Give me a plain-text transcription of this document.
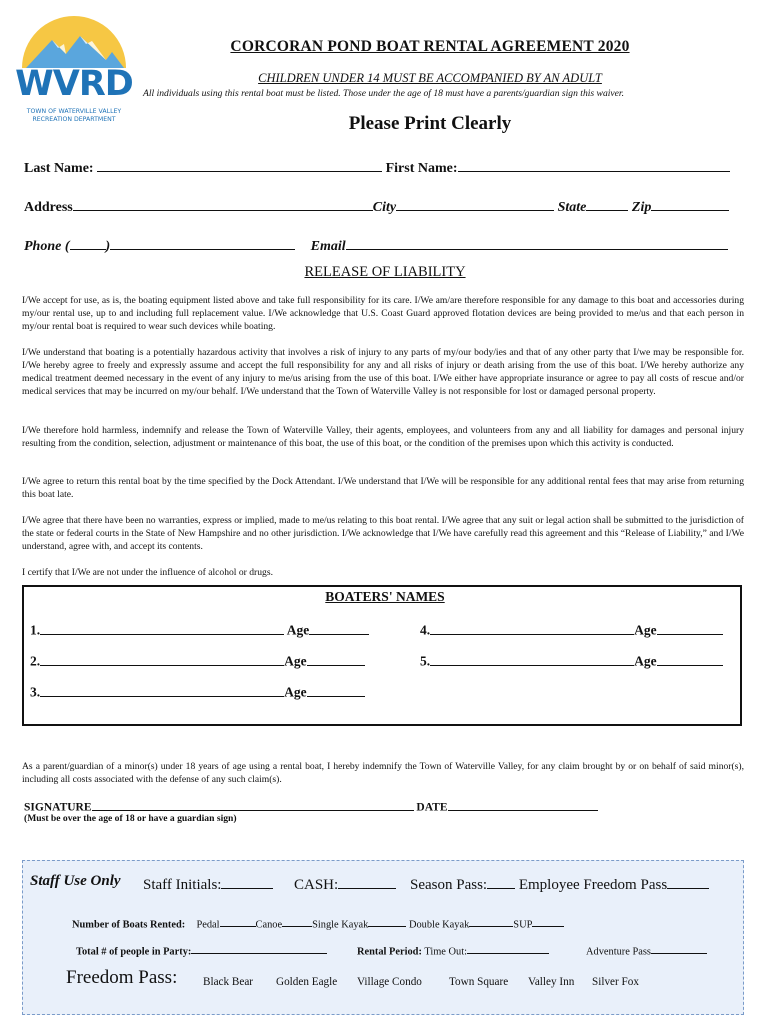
WVRD
TOWN OF WATERVILLE VALLEY
RECREATION DEPARTMENT
CORCORAN POND BOAT RENTAL AGREEMENT 2020
CHILDREN UNDER 14 MUST BE ACCOMPANIED BY AN ADULT
All individuals using this rental boat must be listed. Those under the age of 18 must have a parents/guardian sign this waiver.
Please Print Clearly
Last Name:	First Name:
Address	City	State	Zip
Phone (	)	Email
RELEASE OF LIABILITY
I/We accept for use, as is, the boating equipment listed above and take full responsibility for its care. I/We am/are therefore responsible for any damage to this boat and accessories during my/our rental use, up to and including full replacement value. I/We acknowledge that U.S. Coast Guard approved flotation devices are being provided to me/us and that each person in my/our rental boat is required to wear such devices while boating.
I/We understand that boating is a potentially hazardous activity that involves a risk of injury to any parts of my/our body/ies and that of any other party that I/we may be responsible for. I/We hereby agree to freely and expressly assume and accept the full responsibility for any and all risks of injury or death arising from the use of this boat. I/We hereby authorize any medical treatment deemed necessary in the event of any injury to me/us arising from the use of this boat. I/We either have appropriate insurance or agree to pay all costs of rescue and/or medical services that may be incurred on my/our behalf. I/We understand that the Town of Waterville Valley is not responsible for lost or damaged personal property.
I/We therefore hold harmless, indemnify and release the Town of Waterville Valley, their agents, employees, and volunteers from any and all liability for damages and personal injury resulting from the condition, selection, adjustment or maintenance of this boat, the use of this boat, or the condition of the premises upon which this activity is conducted.
I/We agree to return this rental boat by the time specified by the Dock Attendant. I/We understand that I/We will be responsible for any additional rental fees that may arise from returning this boat late.
I/We agree that there have been no warranties, express or implied, made to me/us relating to this boat rental. I/We agree that any suit or legal action shall be submitted to the jurisdiction of the state or federal courts in the State of New Hampshire and no other jurisdiction. I/We acknowledge that I/We have carefully read this agreement and this “Release of Liability,” and I/We understand, agree with, and accept its contents.
I certify that I/We are not under the influence of alcohol or drugs.
BOATERS' NAMES
1.	Age	4.	Age
2.	Age	5.	Age
3.	Age
As a parent/guardian of a minor(s) under 18 years of age using a rental boat, I hereby indemnify the Town of Waterville Valley, for any claim brought by or on behalf of said minor(s), including all costs associated with the defense of any such claim(s).
SIGNATURE	DATE
(Must be over the age of 18 or have a guardian sign)
Staff Use Only Staff Initials:	CASH:	Season Pass: Employee Freedom Pass
Number of Boats Rented: Pedal	Canoe	Single Kayak	Double Kayak	SUP
Total # of people in Party:	Rental Period: Time Out:	Adventure Pass
Freedom Pass: Black Bear Golden Eagle Village Condo Town Square Valley Inn Silver Fox
